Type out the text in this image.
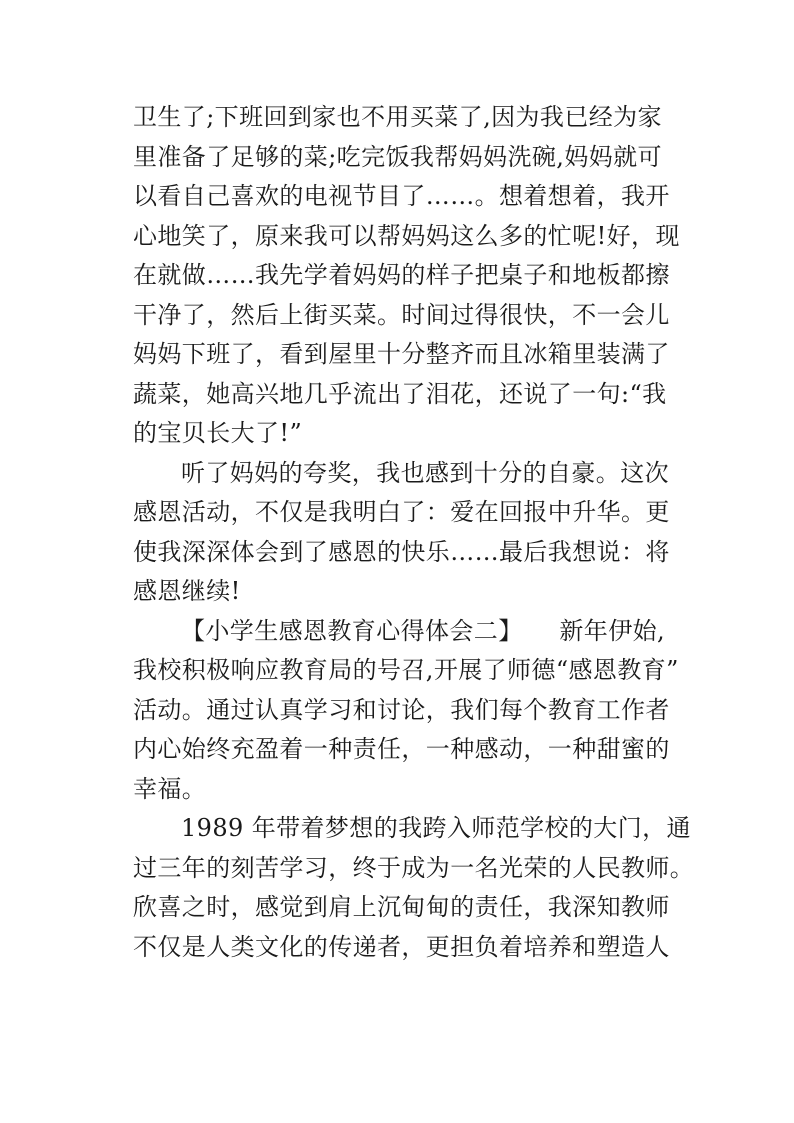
卫生了;下班回到家也不用买菜了,因为我已经为家
里准备了足够的菜;吃完饭我帮妈妈洗碗,妈妈就可
以看自己喜欢的电视节目了……。想着想着，我开
心地笑了，原来我可以帮妈妈这么多的忙呢!好，现
在就做……我先学着妈妈的样子把桌子和地板都擦
干净了，然后上街买菜。时间过得很快，不一会儿
妈妈下班了，看到屋里十分整齐而且冰箱里装满了
蔬菜，她高兴地几乎流出了泪花，还说了一句:“我
的宝贝长大了!”
听了妈妈的夸奖，我也感到十分的自豪。这次
感恩活动，不仅是我明白了：爱在回报中升华。更
使我深深体会到了感恩的快乐……最后我想说：将
感恩继续!
【小学生感恩教育心得体会二】　　新年伊始,
我校积极响应教育局的号召,开展了师德“感恩教育”
活动。通过认真学习和讨论，我们每个教育工作者
内心始终充盈着一种责任，一种感动，一种甜蜜的
幸福。
1989 年带着梦想的我跨入师范学校的大门，通
过三年的刻苦学习，终于成为一名光荣的人民教师。
欣喜之时，感觉到肩上沉甸甸的责任，我深知教师
不仅是人类文化的传递者，更担负着培养和塑造人
